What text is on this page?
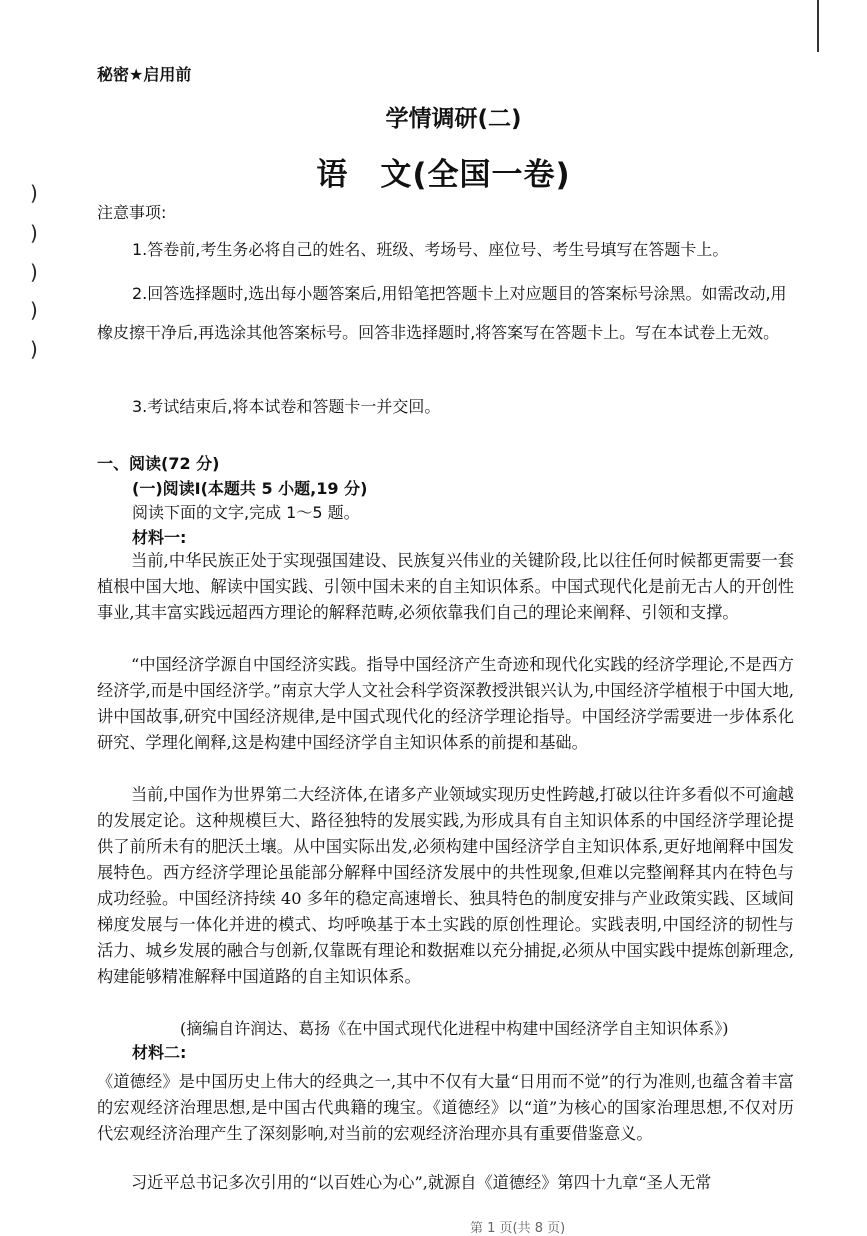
)
)
)
)
)
秘密★启用前
学情调研(二)
语　文(全国一卷)
注意事项:
1.答卷前,考生务必将自己的姓名、班级、考场号、座位号、考生号填写在答题卡上。
2.回答选择题时,选出每小题答案后,用铅笔把答题卡上对应题目的答案标号涂黑。如需改动,用橡皮擦干净后,再选涂其他答案标号。回答非选择题时,将答案写在答题卡上。写在本试卷上无效。
3.考试结束后,将本试卷和答题卡一并交回。
一、阅读(72 分)
(一)阅读Ⅰ(本题共 5 小题,19 分)
阅读下面的文字,完成 1～5 题。
材料一:
当前,中华民族正处于实现强国建设、民族复兴伟业的关键阶段,比以往任何时候都更需要一套植根中国大地、解读中国实践、引领中国未来的自主知识体系。中国式现代化是前无古人的开创性事业,其丰富实践远超西方理论的解释范畴,必须依靠我们自己的理论来阐释、引领和支撑。
“中国经济学源自中国经济实践。指导中国经济产生奇迹和现代化实践的经济学理论,不是西方经济学,而是中国经济学。”南京大学人文社会科学资深教授洪银兴认为,中国经济学植根于中国大地,讲中国故事,研究中国经济规律,是中国式现代化的经济学理论指导。中国经济学需要进一步体系化研究、学理化阐释,这是构建中国经济学自主知识体系的前提和基础。
当前,中国作为世界第二大经济体,在诸多产业领域实现历史性跨越,打破以往许多看似不可逾越的发展定论。这种规模巨大、路径独特的发展实践,为形成具有自主知识体系的中国经济学理论提供了前所未有的肥沃土壤。从中国实际出发,必须构建中国经济学自主知识体系,更好地阐释中国发展特色。西方经济学理论虽能部分解释中国经济发展中的共性现象,但难以完整阐释其内在特色与成功经验。中国经济持续 40 多年的稳定高速增长、独具特色的制度安排与产业政策实践、区域间梯度发展与一体化并进的模式、均呼唤基于本土实践的原创性理论。实践表明,中国经济的韧性与活力、城乡发展的融合与创新,仅靠既有理论和数据难以充分捕捉,必须从中国实践中提炼创新理念,构建能够精准解释中国道路的自主知识体系。
(摘编自许润达、葛扬《在中国式现代化进程中构建中国经济学自主知识体系》)
材料二:
《道德经》是中国历史上伟大的经典之一,其中不仅有大量“日用而不觉”的行为准则,也蕴含着丰富的宏观经济治理思想,是中国古代典籍的瑰宝。《道德经》以“道”为核心的国家治理思想,不仅对历代宏观经济治理产生了深刻影响,对当前的宏观经济治理亦具有重要借鉴意义。
习近平总书记多次引用的“以百姓心为心”,就源自《道德经》第四十九章“圣人无常
第 1 页(共 8 页)
